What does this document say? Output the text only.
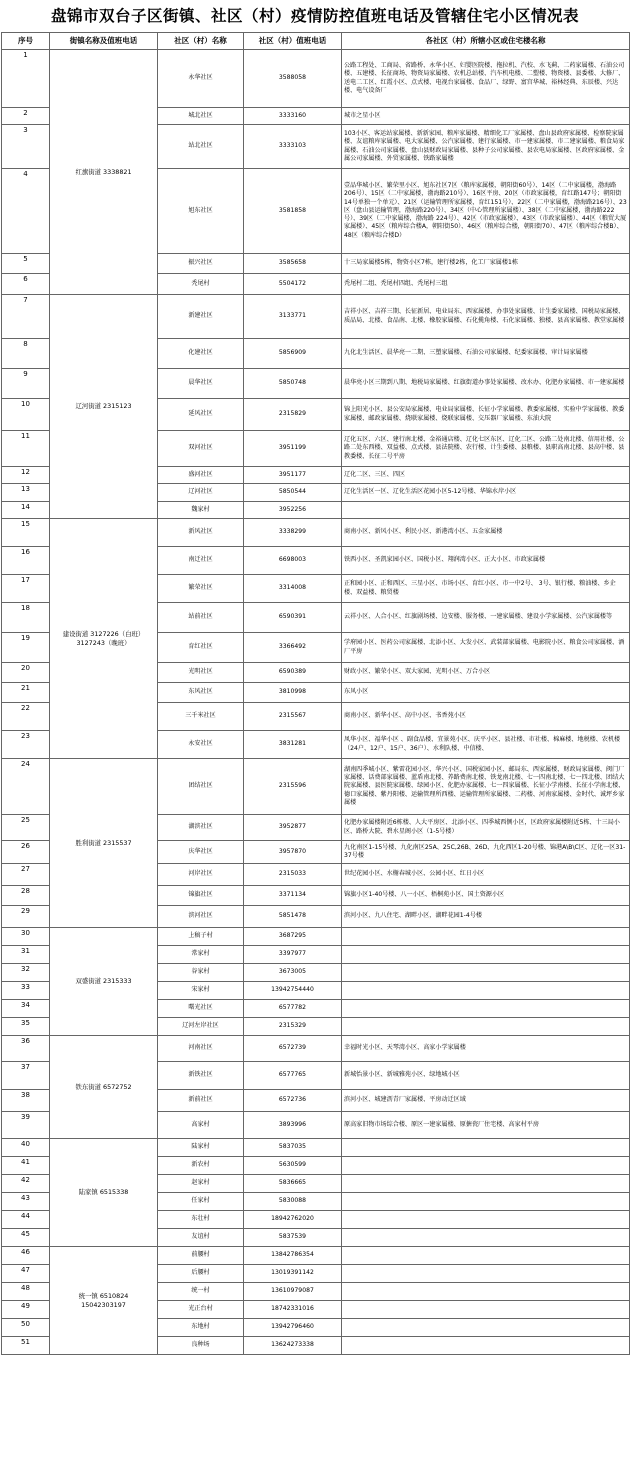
盘锦市双台子区街镇、社区（村）疫情防控值班电话及管辖住宅小区情况表
序号	街镇名称及值班电话	社区（村）名称	社区（村）值班电话	各社区（村）所辖小区或住宅楼名称
1	红旗街道 3338821	永华社区	3588058	公路工程处、工商局、省路桥、永华小区、妇婴医院楼、拖拉机、汽校、水飞蓟、二药家属楼、石油公司楼、五建楼、长征商场、物资局家属楼、农机总站楼、汽车机电楼、二塑楼、物资楼、县委楼、大修厂、送电二工区、红霞小区、点式楼、电视台家属楼、食品厂、绿野、富宫华城、裕林经典、东辰楼、兴达楼、电气设备厂
2		城北社区	3333160	城市之星小区
3		站北社区	3333103	103小区、客运站家属楼、新新家园、粮库家属楼、精细化工厂家属楼、盘山县政府家属楼、检察院家属楼、友谊粮库家属楼、电大家属楼、公汽家属楼、建行家属楼、市一建家属楼、市二建家属楼、粮食局家属楼、石油公司家属楼、盘山县财政局家属楼、县种子公司家属楼、县农电局家属楼、区政府家属楼、金属公司家属楼、外贸家属楼、铁路家属楼
4		旭东社区	3581858	壹品华城小区、繁荣里小区、旭东社区7区（粮库家属楼，朝阳街60号）、14区（二中家属楼，渤海路206号）、15区（二中家属楼，渤海路210号）、16区平房、20区（市政家属楼，育红路147号；朝阳街14号单独一个单元）、21区（运输管理所家属楼，育红151号）、22区（二中家属楼，渤海路216号）、23区（盘山县运输管理，渤海路220号）、34区（中心管理所家属楼）、38区（二中家属楼，渤海路222号）、39区（二中家属楼，渤海路 224号）、42区（市政家属楼）、43区（市政家属楼）、44区（粮贸大厦家属楼）、45区（粮库综合楼A，朝阳街50）、46区（粮库综合楼，朝阳街70）、47区（粮库综合楼B）、48区（粮库综合楼D）
5		振兴社区	3585658	十三局家属楼5栋，物资小区7栋，建行楼2栋，化工厂家属楼1栋
6		秃尾村	5504172	秃尾村二组、秃尾村四组、秃尾村三组
7	辽河街道 2315123	新建社区	3133771	吉祥小区、吉祥三期、长征新居、电业局东、西家属楼、办事处家属楼、计生委家属楼、国税局家属楼、质品局、北楼、食品南、北楼、橡胶家属楼、石化揽角楼、石化家属楼、独楼、县高家属楼、教堂家属楼
8		化建社区	5856909	九化北生活区、晨华亮一二期、三塑家属楼、石油公司家属楼、纪委家属楼、审计局家属楼
9		晨华社区	5850748	晨华亮小区三期到八期、地税局家属楼、红旗街道办事处家属楼、改水办、化肥办家属楼、市一建家属楼
10		延风社区	2315829	锦上阳光小区、县公安局家属楼、电业局家属楼、长征小学家属楼、教委家属楼、实验中学家属楼、教委家属楼、邮政家属楼、烧联家属楼、烧联家属楼、交压器厂家属楼、东油大院
11		双河社区	3951199	辽化五区、六区、建行南北楼、金裕通店楼、辽化七区东区、辽化二区、公路二处南北楼、信用社楼、公路二处东西楼、双益楼、点式楼、县法院楼、农行楼、计生委楼、县粮楼、县职高南北楼、县高中楼、县教委楼、长征二号平房
12		盛河社区	3951177	辽化二区、三区、四区
13		辽河社区	5850544	辽化生活区一区、辽化生活区花园小区5-12号楼、华锦水岸小区
14		魏家村	3952256	
15	建设街道 3127226（白班）
3127243（晚班）	新风社区	3338299	商南小区、新风小区、利民小区、新港湾小区、五金家属楼
16		南迁社区	6698003	铁西小区、圣凯家园小区、国税小区、翔润湾小区、正大小区、市政家属楼
17		繁荣社区	3314008	正和园小区、正和西区、三星小区、市场小区、育红小区、市一中2号、 3号、银行楼、粮油楼、乡企楼、双益楼、粮贸楼
18		站前社区	6590391	云祥小区、人合小区、红旗剧场楼、边安楼、服务楼、一建家属楼、建设小学家属楼、公汽家属楼等
19		育红社区	3366492	学府园小区、医药公司家属楼、北添小区、大发小区、武装部家属楼、电影院小区、粮食公司家属楼、酒厂平房
20		光明社区	6590389	财政小区、繁荣小区、双大家园、光明小区、万合小区
21		东风社区	3810998	东风小区
22		三千米社区	2315567	商南小区、新华小区、高中小区、书香苑小区
23		永安社区	3831281	凤华小区、福华小区 、副食品楼、宜景苑小区、庆平小区、县社楼、市社楼、棉麻楼、地税楼、农机楼（24户、12户、15户、36户）、水利队楼、中信楼、
24	胜利街道 2315537	团结社区	2315596	湖南四季城小区、紫雷花园小区、华兴小区、国税家园小区、邮局东、西家属楼、财政局家属楼、阀门厂家属楼、话费部家属楼、蓝盾南北楼、养路费南北楼、铁龙南北楼、七一四南北楼、七一四北楼、团结大院家属楼、县医院家属楼、绿园小区、化肥办家属楼、七一四家属楼、长征小学南楼、长征小学南北楼、德口家属楼、紫丹阳楼、运输管理所西楼、运输管理所家属楼、二药楼、河南家属楼、金时代、诚坪乡家属楼
25		湖滨社区	3952877	化肥办家属楼附近6栋楼、人大平房区、北添小区、四季城西侧小区，区政府家属楼附近5栋、十三局小区、路桥大院、碧水星阁小区（1-5号楼）
26		庆华社区	3957870	九化南区1-15号楼、九化南区25A、25C,26B、26D、九化西区1-20号楼、锦港A\B\C区、辽化一区31-37号楼
27		河岸社区	2315033	世纪花园小区、水榭春城小区、公园小区、红日小区
28		锦旗社区	3371134	锦旗小区1-40号楼、八一小区、梧桐苑小区、国土资源小区
29		滨河社区	5851478	滨河小区、九八住宅、湖畔小区，湖畔花园1-4号楼
30	双盛街道 2315333	上稿子村	3687295	
31		常家村	3397977	
32		谷家村	3673005	
33		宋家村	13942754440	
34		曙光社区	6577782	
35		辽河左岸社区	2315329	
36	铁东街道 6572752	河南社区	6572739	幸福时光小区、天琴湾小区、高家小学家属楼
37		新铁社区	6577765	新城怡景小区、新城雅苑小区、绿地城小区
38		新前社区	6572736	滨河小区、城建沥青厂家属楼、平房动迁区域
39		高家村	3893996	原高家旧物市场综合楼、原区一建家属楼、原搪瓷厂住宅楼、高家村平房
40	陆家镇 6515338	陆家村	5837035	
41		新农村	5630599	
42		赵家村	5836665	
43		任家村	5830088	
44		东壮村	18942762020	
45		友谊村	5837539	
46	统一镇 6510824
15042303197	前腰村	13842786354	
47		后腰村	13019391142	
48		统一村	13610979087	
49		光正台村	18742331016	
50		东地村	13942796460	
51		良种场	13624273338	
